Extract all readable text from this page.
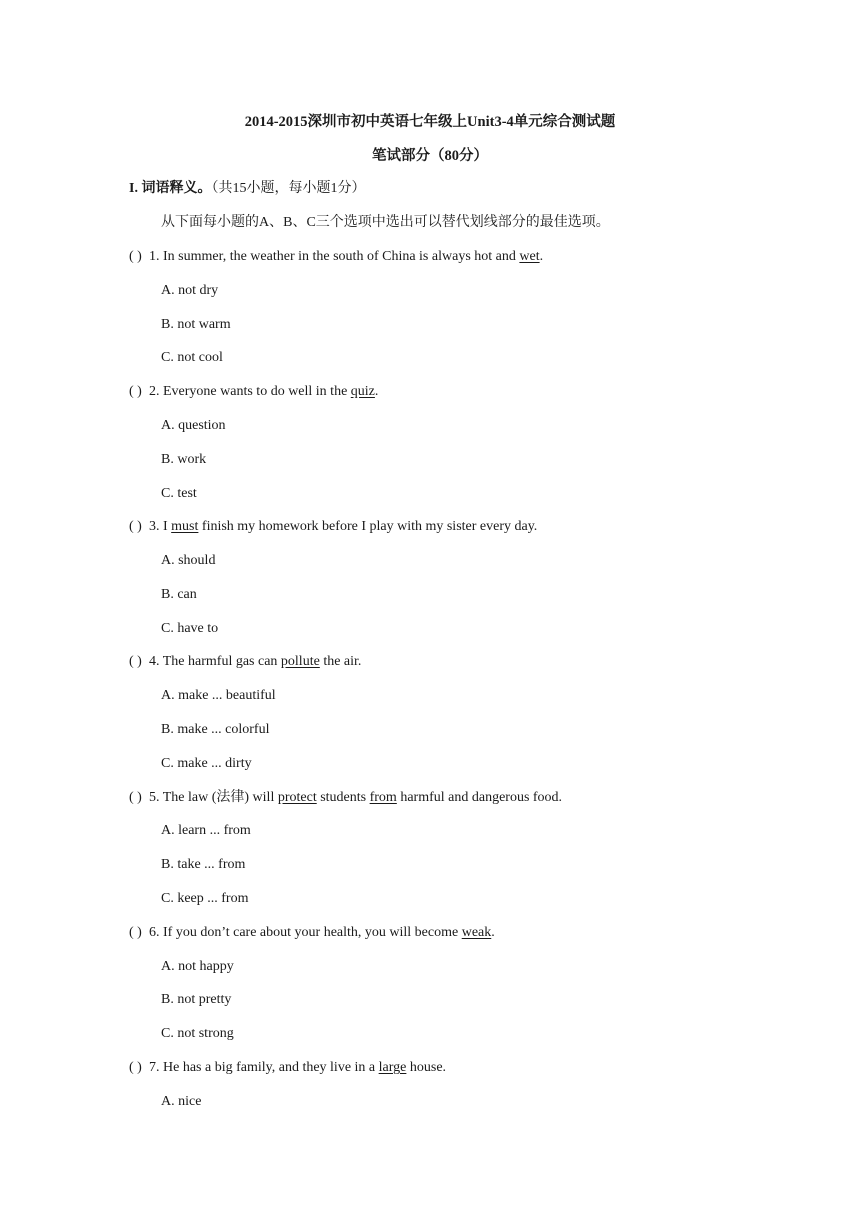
2014-2015深圳市初中英语七年级上Unit3-4单元综合测试题
笔试部分（80分）
I. 词语释义。（共15小题，每小题1分）
从下面每小题的A、B、C三个选项中选出可以替代划线部分的最佳选项。
( ) 1. In summer, the weather in the south of China is always hot and wet.
A. not dry
B. not warm
C. not cool
( ) 2. Everyone wants to do well in the quiz.
A. question
B. work
C. test
( ) 3. I must finish my homework before I play with my sister every day.
A. should
B. can
C. have to
( ) 4. The harmful gas can pollute the air.
A. make ... beautiful
B. make ... colorful
C. make ... dirty
( ) 5. The law (法律) will protect students from harmful and dangerous food.
A. learn ... from
B. take ... from
C. keep ... from
( ) 6. If you don’t care about your health, you will become weak.
A. not happy
B. not pretty
C. not strong
( ) 7. He has a big family, and they live in a large house.
A. nice
